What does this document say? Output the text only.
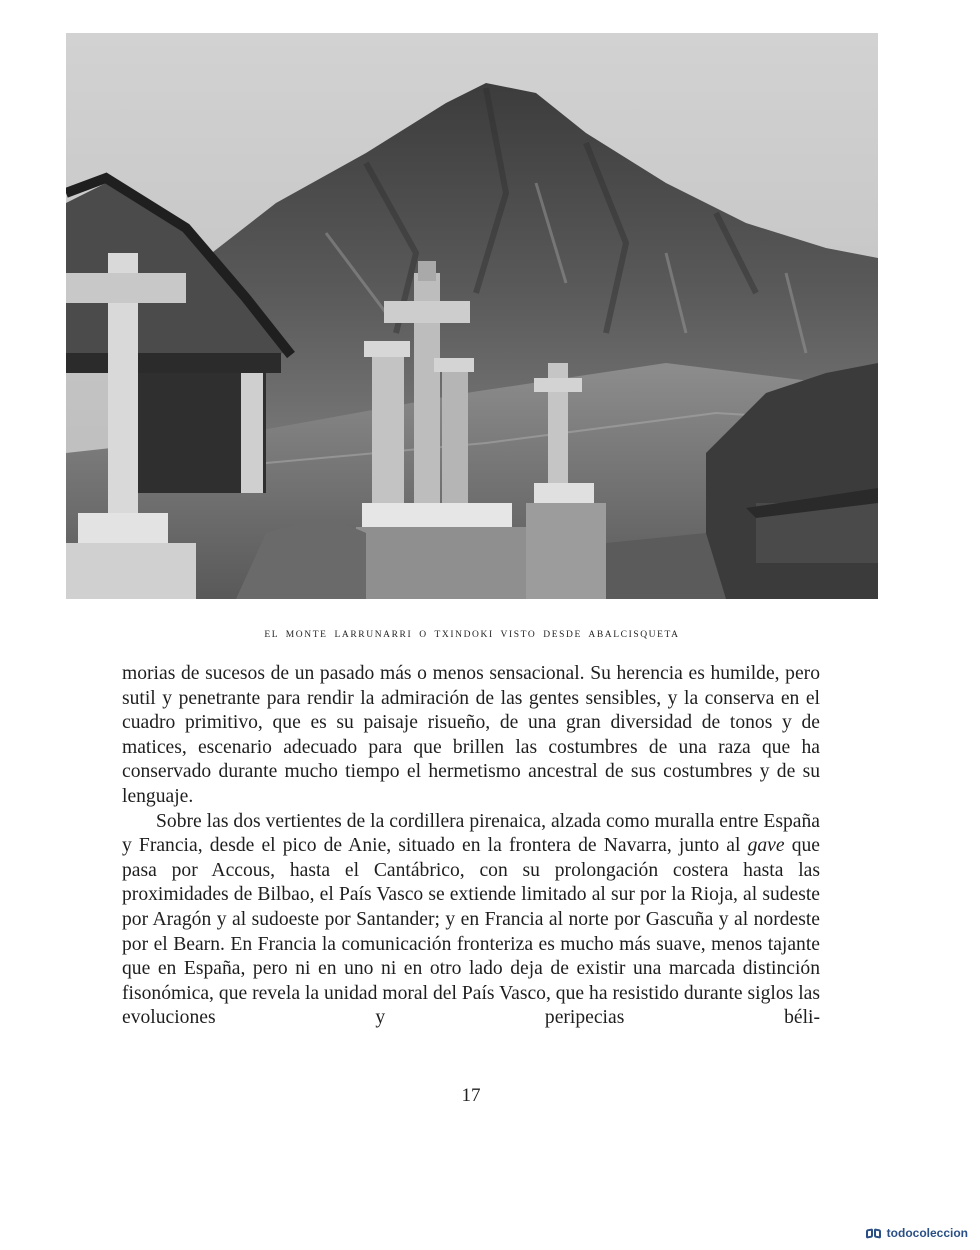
EL MONTE LARRUNARRI O TXINDOKI VISTO DESDE ABALCISQUETA

morias de sucesos de un pasado más o menos sensacional. Su herencia es humilde, pero sutil y penetrante para rendir la admiración de las gentes sensibles, y la conserva en el cuadro primitivo, que es su paisaje risueño, de una gran diversidad de tonos y de matices, escenario adecuado para que brillen las costumbres de una raza que ha conservado durante mucho tiempo el hermetismo ancestral de sus costumbres y de su lenguaje.

Sobre las dos vertientes de la cordillera pirenaica, alzada como muralla entre España y Francia, desde el pico de Anie, situado en la frontera de Navarra, junto al gave que pasa por Accous, hasta el Cantábrico, con su prolongación costera hasta las proximidades de Bilbao, el País Vasco se extiende limitado al sur por la Rioja, al sudeste por Aragón y al sudoeste por Santander; y en Francia al norte por Gascuña y al nordeste por el Bearn. En Francia la comunicación fronteriza es mucho más suave, menos tajante que en España, pero ni en uno ni en otro lado deja de existir una marcada distinción fisonómica, que revela la unidad moral del País Vasco, que ha resistido durante siglos las evoluciones y peripecias béli-

17
todocoleccion
